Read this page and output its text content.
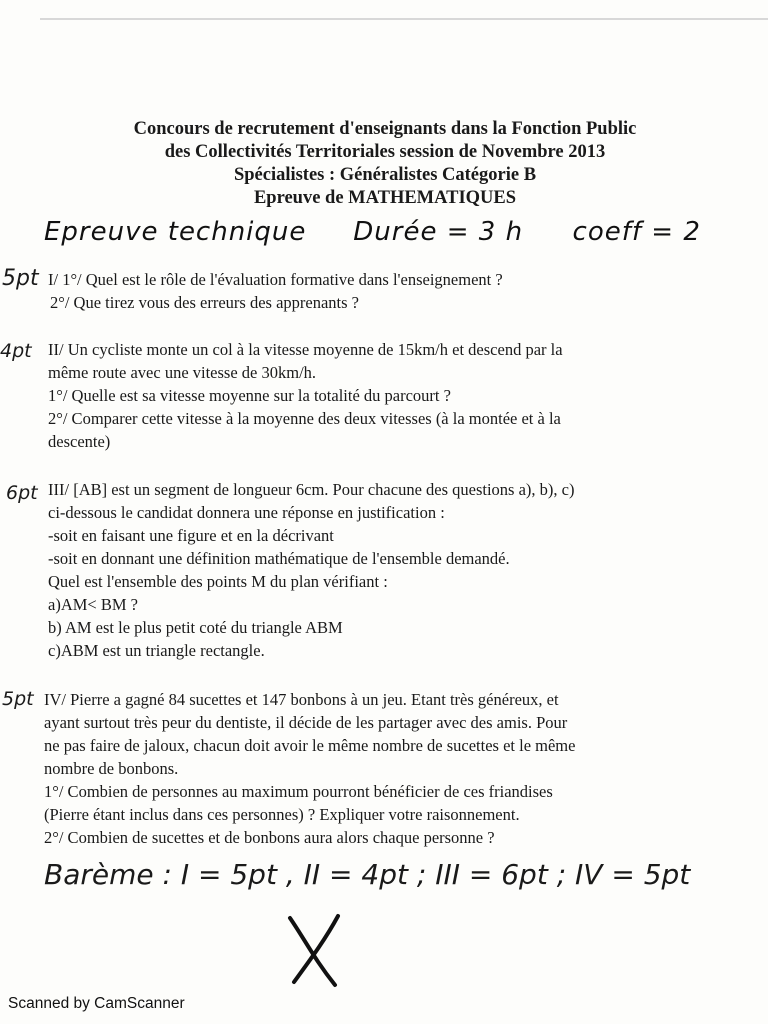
Concours de recrutement d'enseignants dans la Fonction Public
des Collectivités Territoriales session de Novembre 2013
Spécialistes : Généralistes Catégorie B
Epreuve de MATHEMATIQUES
Epreuve technique Durée = 3 h coeff = 2
5pt
4pt
6pt
5pt

I/ 1°/ Quel est le rôle de l'évaluation formative dans l'enseignement ?

2°/ Que tirez vous des erreurs des apprenants ?

II/ Un cycliste monte un col à la vitesse moyenne de 15km/h et descend par la

même route avec une vitesse de 30km/h.

1°/ Quelle est sa vitesse moyenne sur la totalité du parcourt ?

2°/ Comparer cette vitesse à la moyenne des deux vitesses (à la montée et à la

descente)

III/ [AB] est un segment de longueur 6cm. Pour chacune des questions a), b), c)

ci-dessous le candidat donnera une réponse en justification :

-soit en faisant une figure et en la décrivant

-soit en donnant une définition mathématique de l'ensemble demandé.

Quel est l'ensemble des points M du plan vérifiant :

a)AM< BM ?

b) AM est le plus petit coté du triangle ABM

c)ABM est un triangle rectangle.

IV/ Pierre a gagné 84 sucettes et 147 bonbons à un jeu. Etant très généreux, et

ayant surtout très peur du dentiste, il décide de les partager avec des amis. Pour

ne pas faire de jaloux, chacun doit avoir le même nombre de sucettes et le même

nombre de bonbons.

1°/ Combien de personnes au maximum pourront bénéficier de ces friandises

(Pierre étant inclus dans ces personnes) ? Expliquer votre raisonnement.

2°/ Combien de sucettes et de bonbons aura alors chaque personne ?

Barème : I = 5pt , II = 4pt ; III = 6pt ; IV = 5pt
Scanned by CamScanner
